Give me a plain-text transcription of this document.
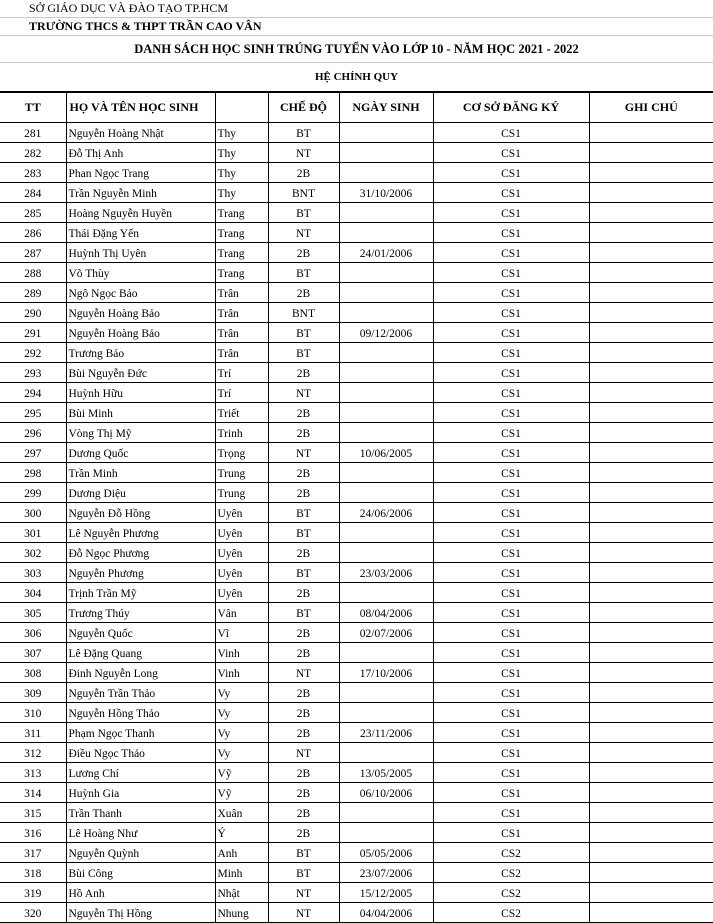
SỞ GIÁO DỤC VÀ ĐÀO TẠO TP.HCM
TRƯỜNG THCS & THPT TRẦN CAO VÂN
DANH SÁCH HỌC SINH TRÚNG TUYỂN VÀO LỚP 10 - NĂM HỌC 2021 - 2022
HỆ CHÍNH QUY
TT	HỌ VÀ TÊN HỌC SINH		CHẾ ĐỘ	NGÀY SINH	CƠ SỞ ĐĂNG KÝ	GHI CHÚ
281	Nguyễn Hoàng Nhật	Thy	BT		CS1	
282	Đỗ Thị Anh	Thy	NT		CS1	
283	Phan Ngọc Trang	Thy	2B		CS1	
284	Trần Nguyễn Minh	Thy	BNT	31/10/2006	CS1	
285	Hoàng Nguyễn Huyền	Trang	BT		CS1	
286	Thái Đặng Yến	Trang	NT		CS1	
287	Huỳnh Thị Uyên	Trang	2B	24/01/2006	CS1	
288	Võ Thùy	Trang	BT		CS1	
289	Ngô Ngọc Bảo	Trân	2B		CS1	
290	Nguyễn Hoàng Bảo	Trân	BNT		CS1	
291	Nguyễn Hoàng Bảo	Trân	BT	09/12/2006	CS1	
292	Trương Bảo	Trân	BT		CS1	
293	Bùi Nguyễn Đức	Trí	2B		CS1	
294	Huỳnh Hữu	Trí	NT		CS1	
295	Bùi Minh	Triết	2B		CS1	
296	Vòng Thị Mỹ	Trinh	2B		CS1	
297	Dương Quốc	Trọng	NT	10/06/2005	CS1	
298	Trần Minh	Trung	2B		CS1	
299	Dương Diệu	Trung	2B		CS1	
300	Nguyễn Đỗ Hồng	Uyên	BT	24/06/2006	CS1	
301	Lê Nguyễn Phương	Uyên	BT		CS1	
302	Đỗ Ngọc Phương	Uyên	2B		CS1	
303	Nguyễn Phương	Uyên	BT	23/03/2006	CS1	
304	Trịnh Trần Mỹ	Uyên	2B		CS1	
305	Trương Thúy	Vân	BT	08/04/2006	CS1	
306	Nguyễn Quốc	Vĩ	2B	02/07/2006	CS1	
307	Lê Đặng Quang	Vinh	2B		CS1	
308	Đinh Nguyễn Long	Vinh	NT	17/10/2006	CS1	
309	Nguyễn Trần Thảo	Vy	2B		CS1	
310	Nguyễn Hồng Thảo	Vy	2B		CS1	
311	Phạm Ngọc Thanh	Vy	2B	23/11/2006	CS1	
312	Điều Ngọc Thảo	Vy	NT		CS1	
313	Lương Chí	Vỹ	2B	13/05/2005	CS1	
314	Huỳnh Gia	Vỹ	2B	06/10/2006	CS1	
315	Trần Thanh	Xuân	2B		CS1	
316	Lê Hoàng Như	Ý	2B		CS1	
317	Nguyễn Quỳnh	Anh	BT	05/05/2006	CS2	
318	Bùi Công	Minh	BT	23/07/2006	CS2	
319	Hồ Anh	Nhật	NT	15/12/2005	CS2	
320	Nguyễn Thị Hồng	Nhung	NT	04/04/2006	CS2	
